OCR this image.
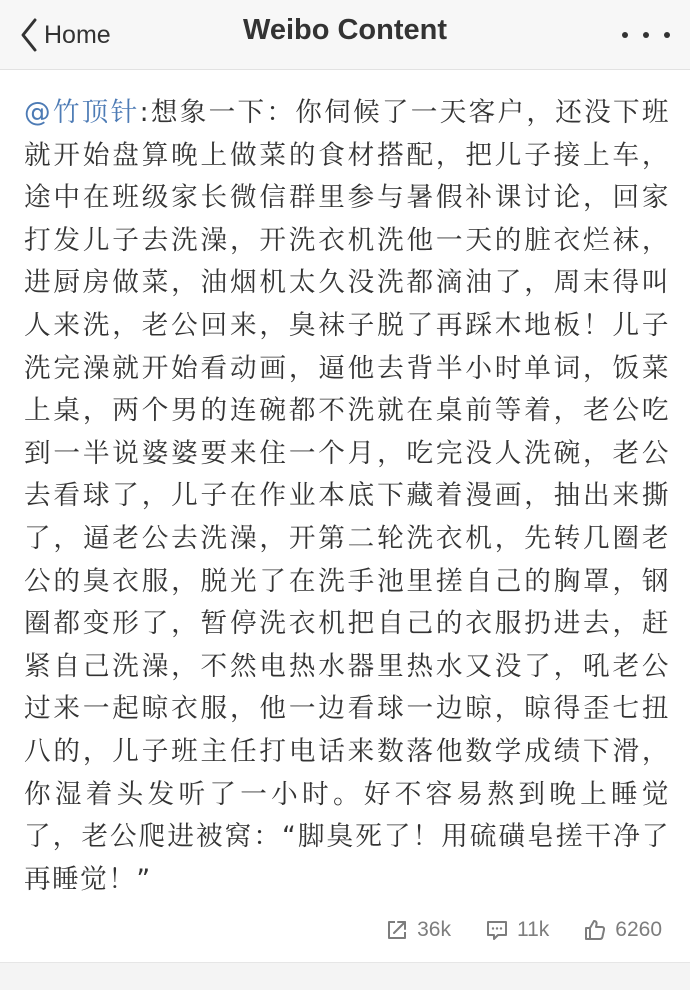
Home	Weibo Content
@竹顶针:想象一下：你伺候了一天客户，还没下班就开始盘算晚上做菜的食材搭配，把儿子接上车，途中在班级家长微信群里参与暑假补课讨论，回家打发儿子去洗澡，开洗衣机洗他一天的脏衣烂袜，进厨房做菜，油烟机太久没洗都滴油了，周末得叫人来洗，老公回来，臭袜子脱了再踩木地板！儿子洗完澡就开始看动画，逼他去背半小时单词，饭菜上桌，两个男的连碗都不洗就在桌前等着，老公吃到一半说婆婆要来住一个月，吃完没人洗碗，老公去看球了，儿子在作业本底下藏着漫画，抽出来撕了，逼老公去洗澡，开第二轮洗衣机，先转几圈老公的臭衣服，脱光了在洗手池里搓自己的胸罩，钢圈都变形了，暂停洗衣机把自己的衣服扔进去，赶紧自己洗澡，不然电热水器里热水又没了，吼老公过来一起晾衣服，他一边看球一边晾，晾得歪七扭八的，儿子班主任打电话来数落他数学成绩下滑，你湿着头发听了一小时。好不容易熬到晚上睡觉了，老公爬进被窝：“脚臭死了！用硫磺皂搓干净了再睡觉！”
36k	11k	6260
